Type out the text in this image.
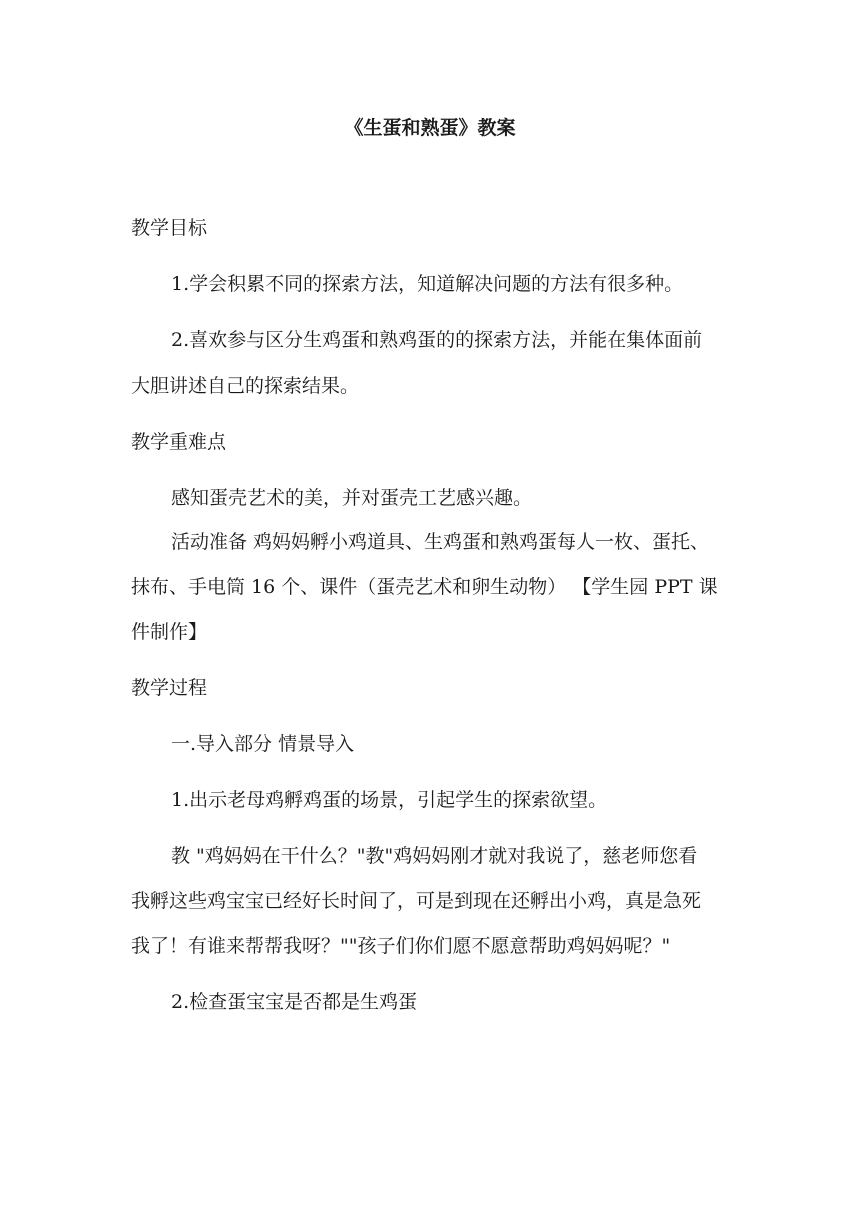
《生蛋和熟蛋》教案
教学目标
1.学会积累不同的探索方法，知道解决问题的方法有很多种。
2.喜欢参与区分生鸡蛋和熟鸡蛋的的探索方法，并能在集体面前
大胆讲述自己的探索结果。
教学重难点
感知蛋壳艺术的美，并对蛋壳工艺感兴趣。
活动准备 鸡妈妈孵小鸡道具、生鸡蛋和熟鸡蛋每人一枚、蛋托、
抹布、手电筒 16 个、课件（蛋壳艺术和卵生动物） 【学生园 PPT 课
件制作】
教学过程
一.导入部分 情景导入
1.出示老母鸡孵鸡蛋的场景，引起学生的探索欲望。
教 "鸡妈妈在干什么？"教"鸡妈妈刚才就对我说了，慈老师您看
我孵这些鸡宝宝已经好长时间了，可是到现在还孵出小鸡，真是急死
我了！有谁来帮帮我呀？""孩子们你们愿不愿意帮助鸡妈妈呢？"
2.检查蛋宝宝是否都是生鸡蛋
